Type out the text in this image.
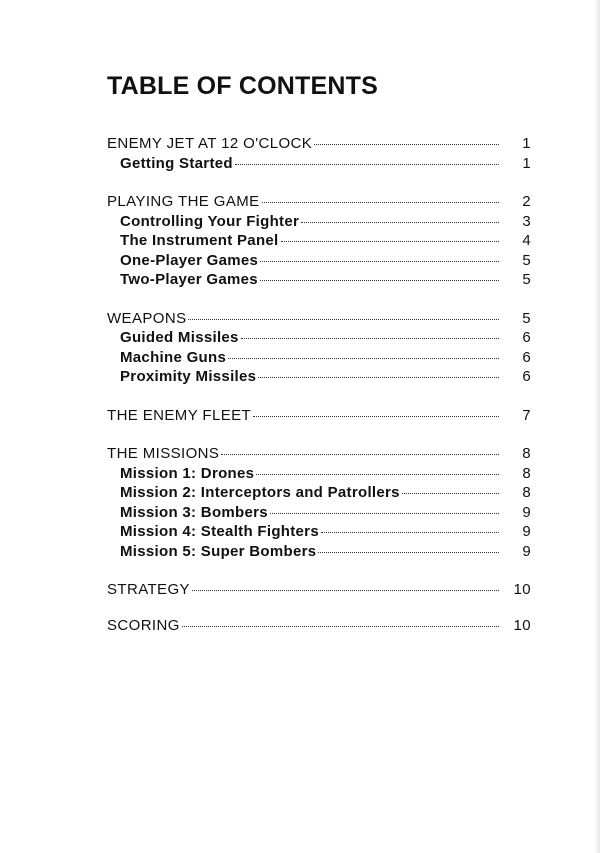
TABLE OF CONTENTS
ENEMY JET AT 12 O'CLOCK	1
Getting Started	1
PLAYING THE GAME	2
Controlling Your Fighter	3
The Instrument Panel	4
One-Player Games	5
Two-Player Games	5
WEAPONS	5
Guided Missiles	6
Machine Guns	6
Proximity Missiles	6
THE ENEMY FLEET	7
THE MISSIONS	8
Mission 1: Drones	8
Mission 2: Interceptors and Patrollers	8
Mission 3: Bombers	9
Mission 4: Stealth Fighters	9
Mission 5: Super Bombers	9
STRATEGY	10
SCORING	10
